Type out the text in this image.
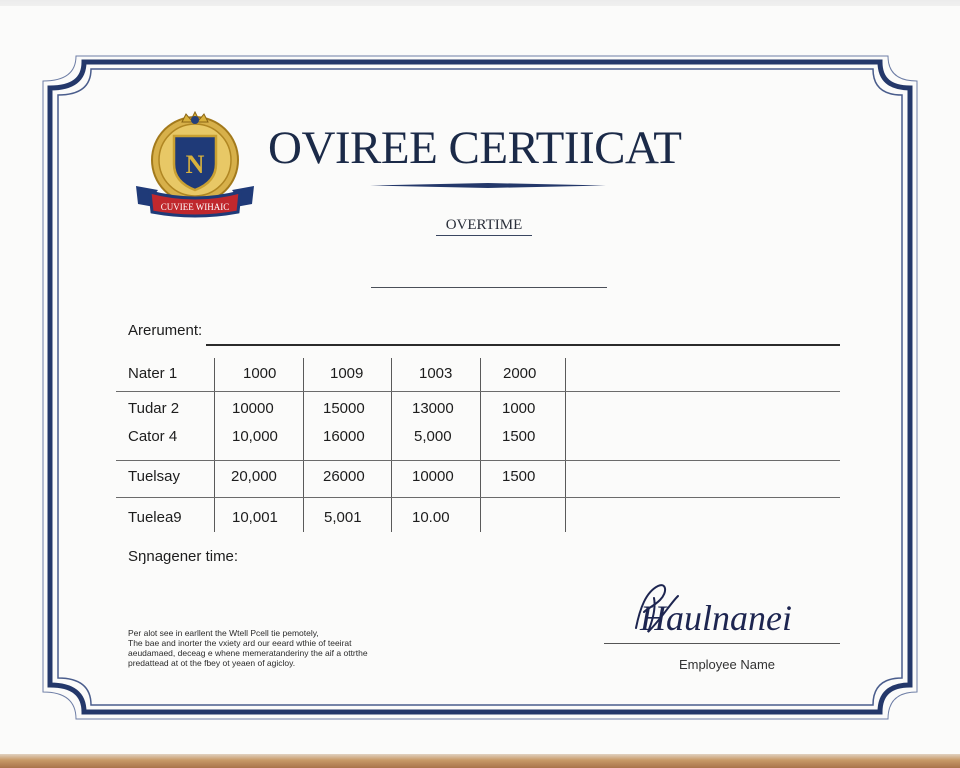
N
CUVIEE WIHAIC
OVIREE CERTIICAT
OVERTIME
Arerument:
Nater 1	1000	1009	1003	2000
Tudar 2	10000	15000	13000	1000
Cator 4	10,000	16000	5,000	1500
Tuelsay	20,000	26000	10000	1500
Tuelea9	10,001	5,001	10.00
Sŋnagener time:
Per alot see in earllent the Wtell Pcell tie pemotely,
The bae and inorter the vxiety ard our eeard wthie of teeirat
aeudamaed, deceag e whene memeratanderiny the aif a ottrthe
predattead at ot the fbey ot yeaen of agicloy.
Haulnanei
Employee Name
